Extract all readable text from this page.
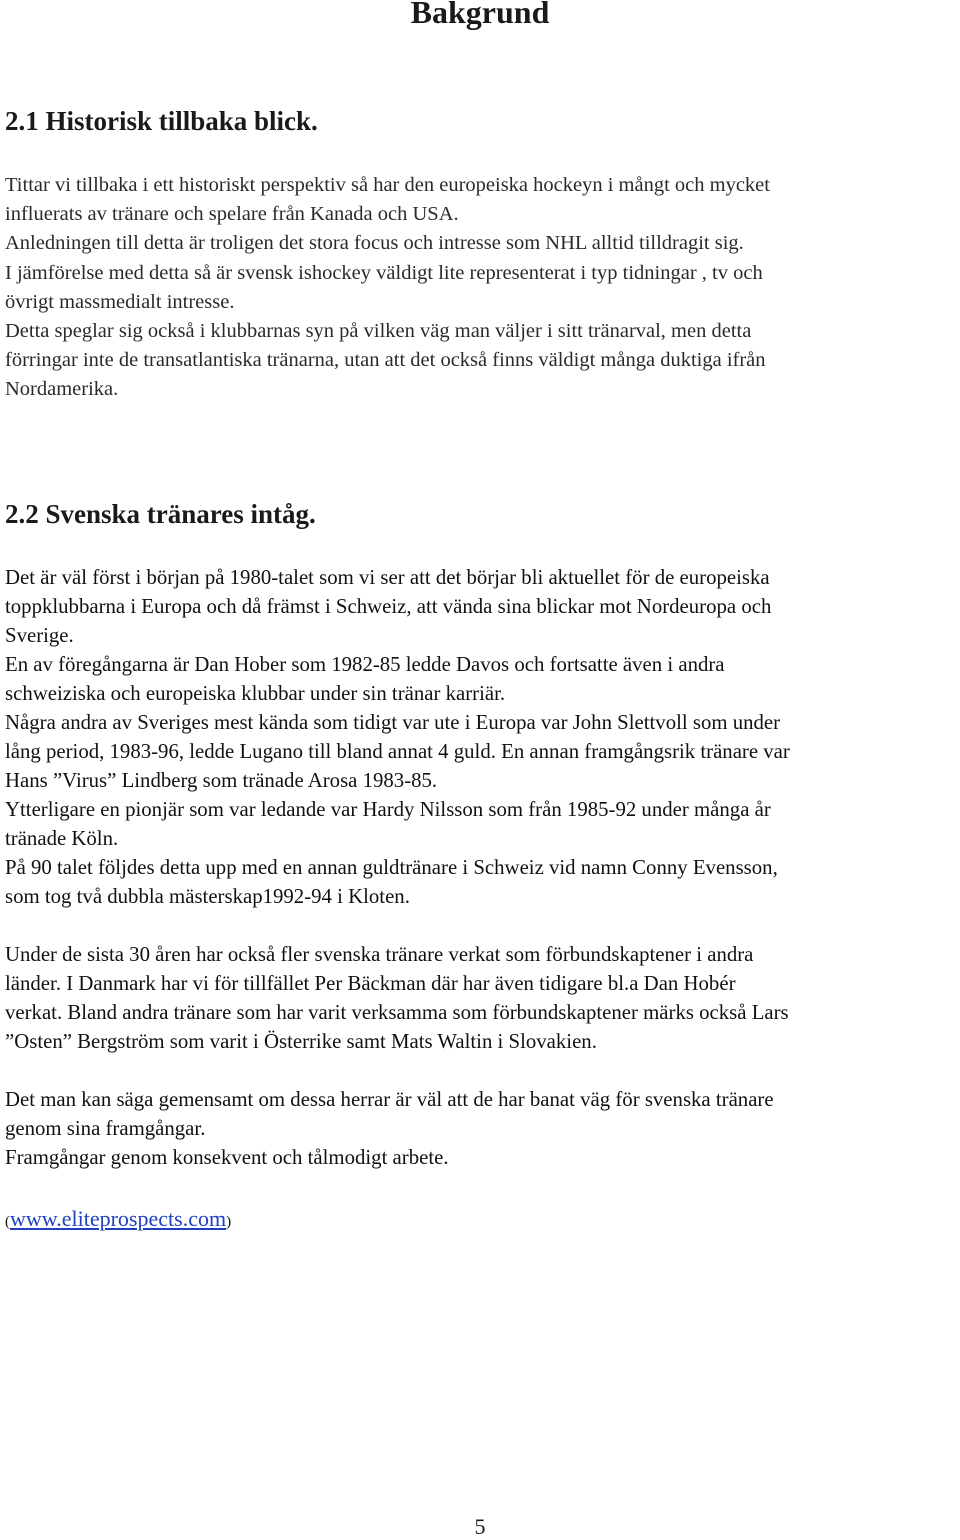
Bakgrund
2.1 Historisk tillbaka blick.
Tittar vi tillbaka i ett historiskt perspektiv så har den europeiska hockeyn i mångt och mycket
influerats av tränare och spelare från Kanada och USA.
Anledningen till detta är troligen det stora focus och intresse som NHL alltid tilldragit sig.
I jämförelse med detta så är svensk ishockey väldigt lite representerat i typ tidningar , tv och
övrigt massmedialt intresse.
Detta speglar sig också i klubbarnas syn på vilken väg man väljer i sitt tränarval, men detta
förringar inte de transatlantiska tränarna, utan att det också finns väldigt många duktiga ifrån
Nordamerika.
2.2 Svenska tränares intåg.
Det är väl först i början på 1980-talet som vi ser att det börjar bli aktuellet för de europeiska
toppklubbarna i Europa och då främst i Schweiz, att vända sina blickar mot Nordeuropa och
Sverige.
En av föregångarna är Dan Hober som 1982-85 ledde Davos och fortsatte även i andra
schweiziska och europeiska klubbar under sin tränar karriär.
Några andra av Sveriges mest kända som tidigt var ute i Europa var John Slettvoll som under
lång period, 1983-96, ledde Lugano till bland annat 4 guld. En annan framgångsrik tränare var
Hans ”Virus” Lindberg som tränade Arosa 1983-85.
Ytterligare en pionjär som var ledande var Hardy Nilsson som från 1985-92 under många år
tränade Köln.
På 90 talet följdes detta upp med en annan guldtränare i Schweiz vid namn Conny Evensson,
som tog två dubbla mästerskap1992-94 i Kloten.
Under de sista 30 åren har också fler svenska tränare verkat som förbundskaptener i andra
länder. I Danmark har vi för tillfället Per Bäckman där har även tidigare bl.a Dan Hobér
verkat. Bland andra tränare som har varit verksamma som förbundskaptener märks också Lars
”Osten” Bergström som varit i Österrike samt Mats Waltin i Slovakien.
Det man kan säga gemensamt om dessa herrar är väl att de har banat väg för svenska tränare
genom sina framgångar.
Framgångar genom konsekvent och tålmodigt arbete.

(www.eliteprospects.com)

5
